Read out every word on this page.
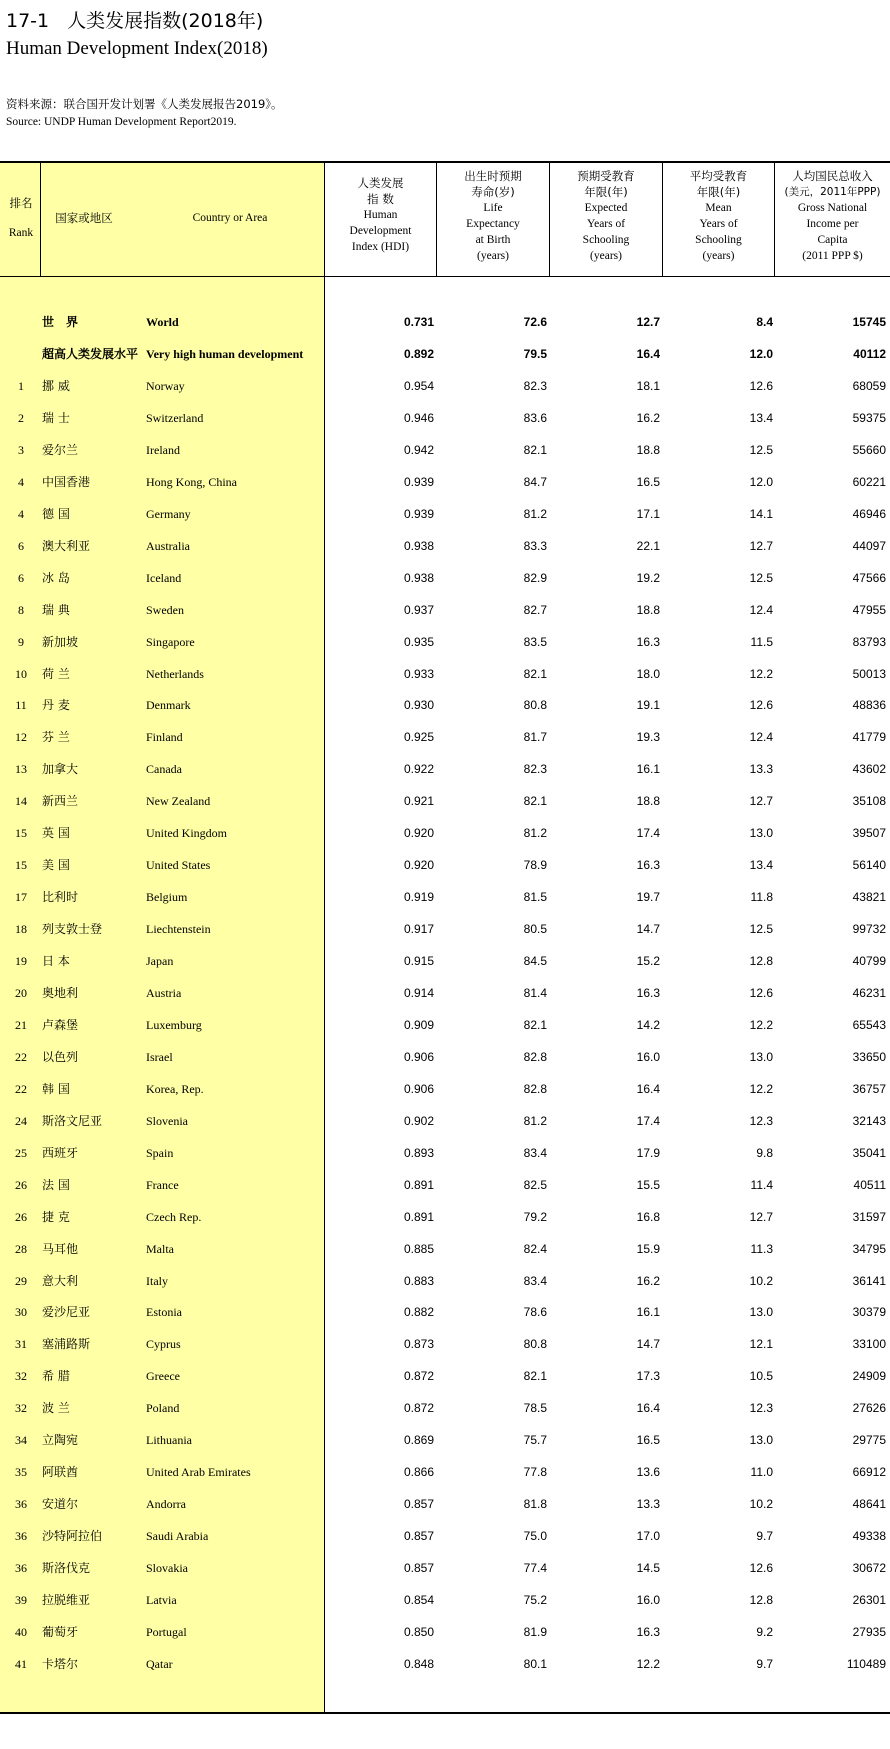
17-1 人类发展指数(2018年)
Human Development Index(2018)
资料来源：联合国开发计划署《人类发展报告2019》。
Source: UNDP Human Development Report2019.
排名
Rank
国家或地区	Country or Area
人类发展
指 数
Human
Development
Index (HDI)
出生时预期
寿命(岁)
Life
Expectancy
at Birth
(years)
预期受教育
年限(年)
Expected
Years of
Schooling
(years)
平均受教育
年限(年)
Mean
Years of
Schooling
(years)
人均国民总收入
(美元，2011年PPP)
Gross National
Income per
Capita
(2011 PPP $)
世　界	World	0.731	72.6	12.7	8.4	15745
超高人类发展水平 Very high human development	0.892	79.5	16.4	12.0	40112
1	挪 威	Norway	0.954	82.3	18.1	12.6	68059
2	瑞 士	Switzerland	0.946	83.6	16.2	13.4	59375
3	爱尔兰	Ireland	0.942	82.1	18.8	12.5	55660
4	中国香港	Hong Kong, China	0.939	84.7	16.5	12.0	60221
4	德 国	Germany	0.939	81.2	17.1	14.1	46946
6	澳大利亚	Australia	0.938	83.3	22.1	12.7	44097
6	冰 岛	Iceland	0.938	82.9	19.2	12.5	47566
8	瑞 典	Sweden	0.937	82.7	18.8	12.4	47955
9	新加坡	Singapore	0.935	83.5	16.3	11.5	83793
10	荷 兰	Netherlands	0.933	82.1	18.0	12.2	50013
11	丹 麦	Denmark	0.930	80.8	19.1	12.6	48836
12	芬 兰	Finland	0.925	81.7	19.3	12.4	41779
13	加拿大	Canada	0.922	82.3	16.1	13.3	43602
14	新西兰	New Zealand	0.921	82.1	18.8	12.7	35108
15	英 国	United Kingdom	0.920	81.2	17.4	13.0	39507
15	美 国	United States	0.920	78.9	16.3	13.4	56140
17	比利时	Belgium	0.919	81.5	19.7	11.8	43821
18	列支敦士登	Liechtenstein	0.917	80.5	14.7	12.5	99732
19	日 本	Japan	0.915	84.5	15.2	12.8	40799
20	奥地利	Austria	0.914	81.4	16.3	12.6	46231
21	卢森堡	Luxemburg	0.909	82.1	14.2	12.2	65543
22	以色列	Israel	0.906	82.8	16.0	13.0	33650
22	韩 国	Korea, Rep.	0.906	82.8	16.4	12.2	36757
24	斯洛文尼亚	Slovenia	0.902	81.2	17.4	12.3	32143
25	西班牙	Spain	0.893	83.4	17.9	9.8	35041
26	法 国	France	0.891	82.5	15.5	11.4	40511
26	捷 克	Czech Rep.	0.891	79.2	16.8	12.7	31597
28	马耳他	Malta	0.885	82.4	15.9	11.3	34795
29	意大利	Italy	0.883	83.4	16.2	10.2	36141
30	爱沙尼亚	Estonia	0.882	78.6	16.1	13.0	30379
31	塞浦路斯	Cyprus	0.873	80.8	14.7	12.1	33100
32	希 腊	Greece	0.872	82.1	17.3	10.5	24909
32	波 兰	Poland	0.872	78.5	16.4	12.3	27626
34	立陶宛	Lithuania	0.869	75.7	16.5	13.0	29775
35	阿联酋	United Arab Emirates	0.866	77.8	13.6	11.0	66912
36	安道尔	Andorra	0.857	81.8	13.3	10.2	48641
36	沙特阿拉伯	Saudi Arabia	0.857	75.0	17.0	9.7	49338
36	斯洛伐克	Slovakia	0.857	77.4	14.5	12.6	30672
39	拉脱维亚	Latvia	0.854	75.2	16.0	12.8	26301
40	葡萄牙	Portugal	0.850	81.9	16.3	9.2	27935
41	卡塔尔	Qatar	0.848	80.1	12.2	9.7	110489
